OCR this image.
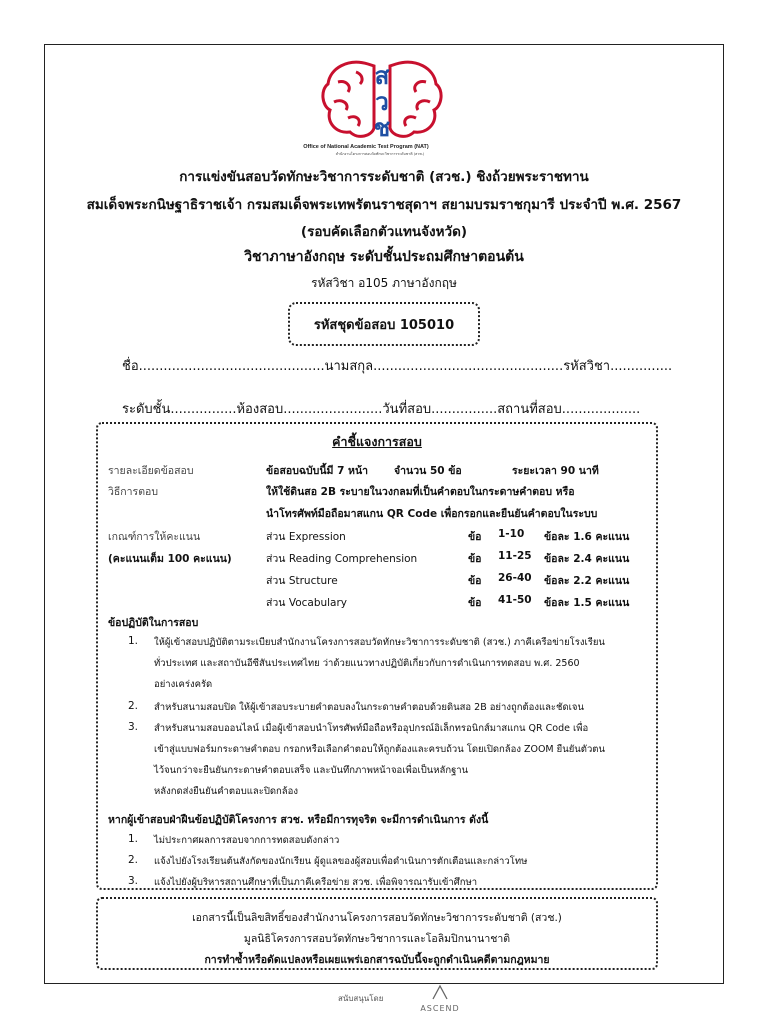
ส
ว
ช
Office of National Academic Test Program (NAT)
สำนักงานโครงการสอบวัดทักษะวิชาการระดับชาติ (สวช.)
การแข่งขันสอบวัดทักษะวิชาการระดับชาติ (สวช.) ชิงถ้วยพระราชทาน
สมเด็จพระกนิษฐาธิราชเจ้า กรมสมเด็จพระเทพรัตนราชสุดาฯ สยามบรมราชกุมารี ประจำปี พ.ศ. 2567
(รอบคัดเลือกตัวแทนจังหวัด)
วิชาภาษาอังกฤษ ระดับชั้นประถมศึกษาตอนต้น
รหัสวิชา อ105 ภาษาอังกฤษ
รหัสชุดข้อสอบ 105010
ชื่อ.............................................นามสกุล..............................................รหัสวิชา...............
ระดับชั้น................ห้องสอบ........................วันที่สอบ................สถานที่สอบ...................
คำชี้แจงการสอบ
รายละเอียดข้อสอบ	ข้อสอบฉบับนี้มี 7 หน้า จำนวน 50 ข้อ	ระยะเวลา 90 นาที
วิธีการตอบ	ให้ใช้ดินสอ 2B ระบายในวงกลมที่เป็นคำตอบในกระดาษคำตอบ หรือ
นำโทรศัพท์มือถือมาสแกน QR Code เพื่อกรอกและยืนยันคำตอบในระบบ
เกณฑ์การให้คะแนน
(คะแนนเต็ม 100 คะแนน)
ส่วน Expression	ข้อ 1-10 ข้อละ 1.6 คะแนน
ส่วน Reading Comprehension	ข้อ 11-25 ข้อละ 2.4 คะแนน
ส่วน Structure	ข้อ 26-40 ข้อละ 2.2 คะแนน
ส่วน Vocabulary	ข้อ 41-50 ข้อละ 1.5 คะแนน
ข้อปฏิบัติในการสอบ
1. ให้ผู้เข้าสอบปฏิบัติตามระเบียบสำนักงานโครงการสอบวัดทักษะวิชาการระดับชาติ (สวช.) ภาคีเครือข่ายโรงเรียน
ทั่วประเทศ และสถาบันอีซีสันประเทศไทย ว่าด้วยแนวทางปฏิบัติเกี่ยวกับการดำเนินการทดสอบ พ.ศ. 2560
อย่างเคร่งครัด
2. สำหรับสนามสอบปิด ให้ผู้เข้าสอบระบายคำตอบลงในกระดาษคำตอบด้วยดินสอ 2B อย่างถูกต้องและชัดเจน
3. สำหรับสนามสอบออนไลน์ เมื่อผู้เข้าสอบนำโทรศัพท์มือถือหรืออุปกรณ์อิเล็กทรอนิกส์มาสแกน QR Code เพื่อ
เข้าสู่แบบฟอร์มกระดาษคำตอบ กรอกหรือเลือกคำตอบให้ถูกต้องและครบถ้วน โดยเปิดกล้อง ZOOM ยืนยันตัวตน
ไว้จนกว่าจะยืนยันกระดาษคำตอบเสร็จ และบันทึกภาพหน้าจอเพื่อเป็นหลักฐาน
หลังกดส่งยืนยันคำตอบและปิดกล้อง
หากผู้เข้าสอบฝ่าฝืนข้อปฏิบัติโครงการ สวช. หรือมีการทุจริต จะมีการดำเนินการ ดังนี้
1. ไม่ประกาศผลการสอบจากการทดสอบดังกล่าว
2. แจ้งไปยังโรงเรียนต้นสังกัดของนักเรียน ผู้ดูแลของผู้สอบเพื่อดำเนินการตักเตือนและกล่าวโทษ
3. แจ้งไปยังผู้บริหารสถานศึกษาที่เป็นภาคีเครือข่าย สวช. เพื่อพิจารณารับเข้าศึกษา
เอกสารนี้เป็นลิขสิทธิ์ของสำนักงานโครงการสอบวัดทักษะวิชาการระดับชาติ (สวช.)
มูลนิธิโครงการสอบวัดทักษะวิชาการและโอลิมปิกนานาชาติ
การทำซ้ำหรือดัดแปลงหรือเผยแพร่เอกสารฉบับนี้จะถูกดำเนินคดีตามกฎหมาย
สนับสนุนโดย
ASCEND
